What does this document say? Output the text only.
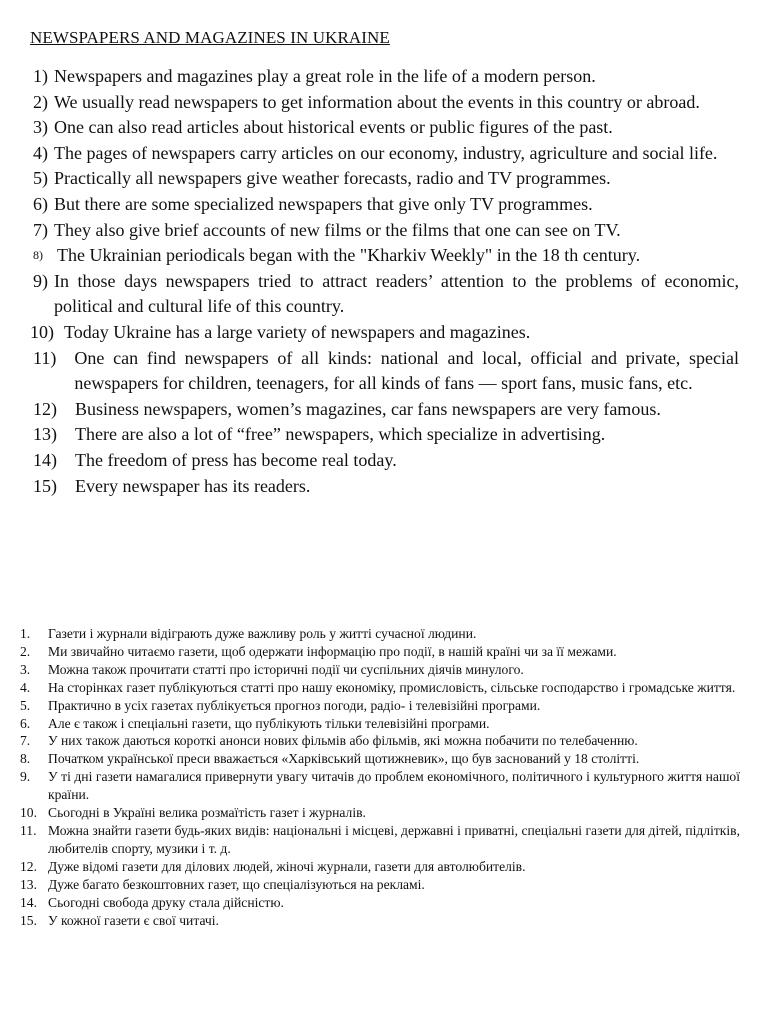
NEWSPAPERS AND MAGAZINES IN UKRAINE
1) Newspapers and magazines play a great role in the life of a modern person.
2) We usually read newspapers to get information about the events in this country or abroad.
3) One can also read articles about historical events or public figures of the past.
4) The pages of newspapers carry articles on our economy, industry, agriculture and social life.
5) Practically all newspapers give weather forecasts, radio and TV programmes.
6) But there are some specialized newspapers that give only TV programmes.
7) They also give brief accounts of new films or the films that one can see on TV.
8) The Ukrainian periodicals began with the "Kharkiv Weekly" in the 18 th century.
9) In those days newspapers tried to attract readers’ attention to the problems of economic, political and cultural life of this country.
10) Today Ukraine has a large variety of newspapers and magazines.
11) One can find newspapers of all kinds: national and local, official and private, special newspapers for children, teenagers, for all kinds of fans — sport fans, music fans, etc.
12) Business newspapers, women’s magazines, car fans newspapers are very famous.
13) There are also a lot of “free” newspapers, which specialize in advertising.
14) The freedom of press has become real today.
15) Every newspaper has its readers.
1.	Газети і журнали відіграють дуже важливу роль у житті сучасної людини.
2.	Ми звичайно читаємо газети, щоб одержати інформацію про події, в нашій країні чи за її межами.
3.	Можна також прочитати статті про історичні події чи суспільних діячів минулого.
4.	На сторінках газет публікуються статті про нашу економіку, промисловість, сільське господарство і громадське життя.
5.	Практично в усіх газетах публікується прогноз погоди, радіо- і телевізійні програми.
6.	Але є також і спеціальні газети, що публікують тільки телевізійні програми.
7.	У них також даються короткі анонси нових фільмів або фільмів, які можна побачити по телебаченню.
8.	Початком української преси вважається «Харківський щотижневик», що був заснований у 18 столітті.
9.	У ті дні газети намагалися привернути увагу читачів до проблем економічного, політичного і культурного життя нашої країни.
10. Сьогодні в Україні велика розмаїтість газет і журналів.
11. Можна знайти газети будь-яких видів: національні і місцеві, державні і приватні, спеціальні газети для дітей, підлітків, любителів спорту, музики і т. д.
12. Дуже відомі газети для ділових людей, жіночі журнали, газети для автолюбителів.
13. Дуже багато безкоштовних газет, що спеціалізуються на рекламі.
14. Сьогодні свобода друку стала дійсністю.
15. У кожної газети є свої читачі.
